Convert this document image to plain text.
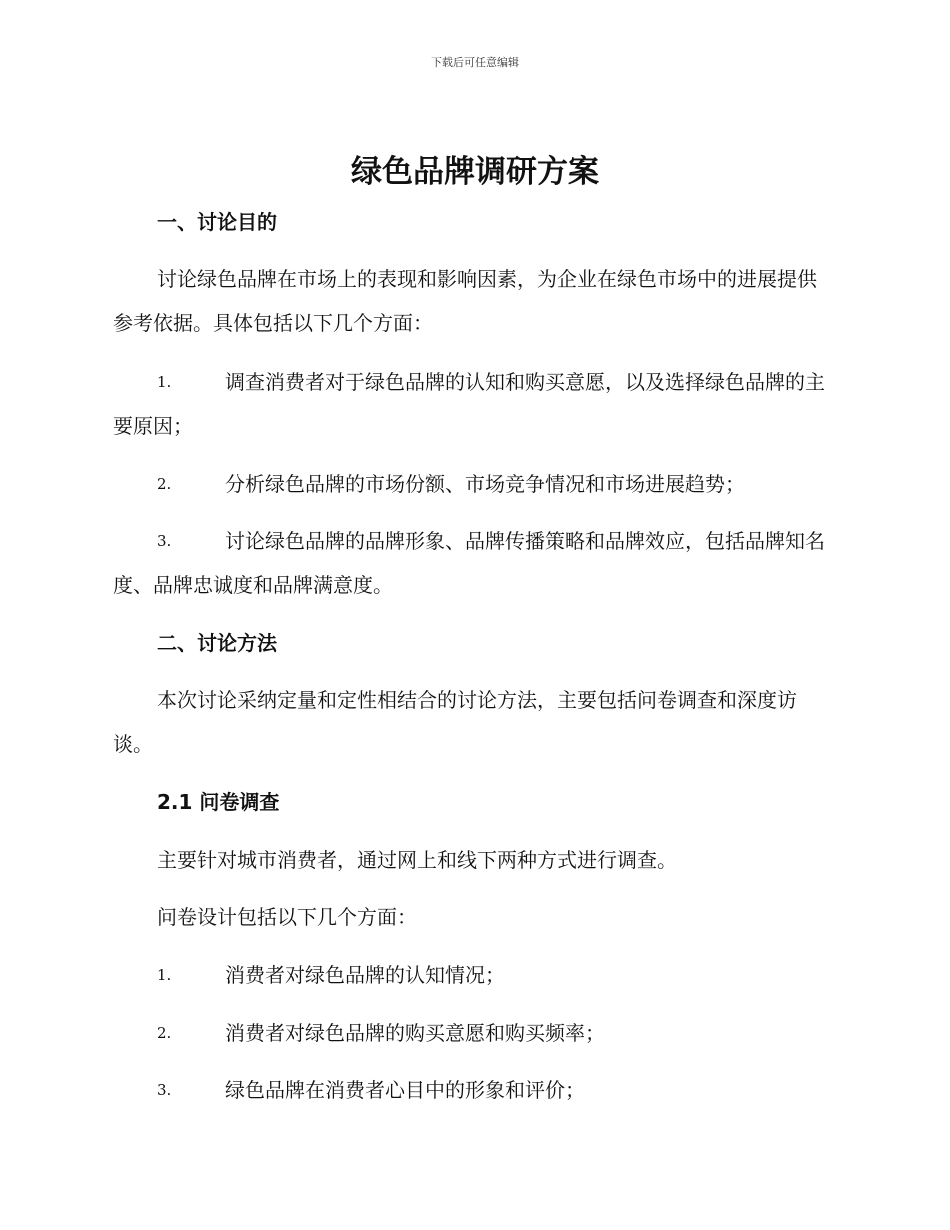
下载后可任意编辑
绿色品牌调研方案
一、讨论目的

讨论绿色品牌在市场上的表现和影响因素，为企业在绿色市场中的进展提供参考依据。具体包括以下几个方面：

1.	调查消费者对于绿色品牌的认知和购买意愿，以及选择绿色品牌的主要原因；
2.	分析绿色品牌的市场份额、市场竞争情况和市场进展趋势；
3.	讨论绿色品牌的品牌形象、品牌传播策略和品牌效应，包括品牌知名度、品牌忠诚度和品牌满意度。
二、讨论方法

本次讨论采纳定量和定性相结合的讨论方法，主要包括问卷调查和深度访谈。

2.1 问卷调查

主要针对城市消费者，通过网上和线下两种方式进行调查。

问卷设计包括以下几个方面：

1.	消费者对绿色品牌的认知情况；
2.	消费者对绿色品牌的购买意愿和购买频率；
3.	绿色品牌在消费者心目中的形象和评价；
